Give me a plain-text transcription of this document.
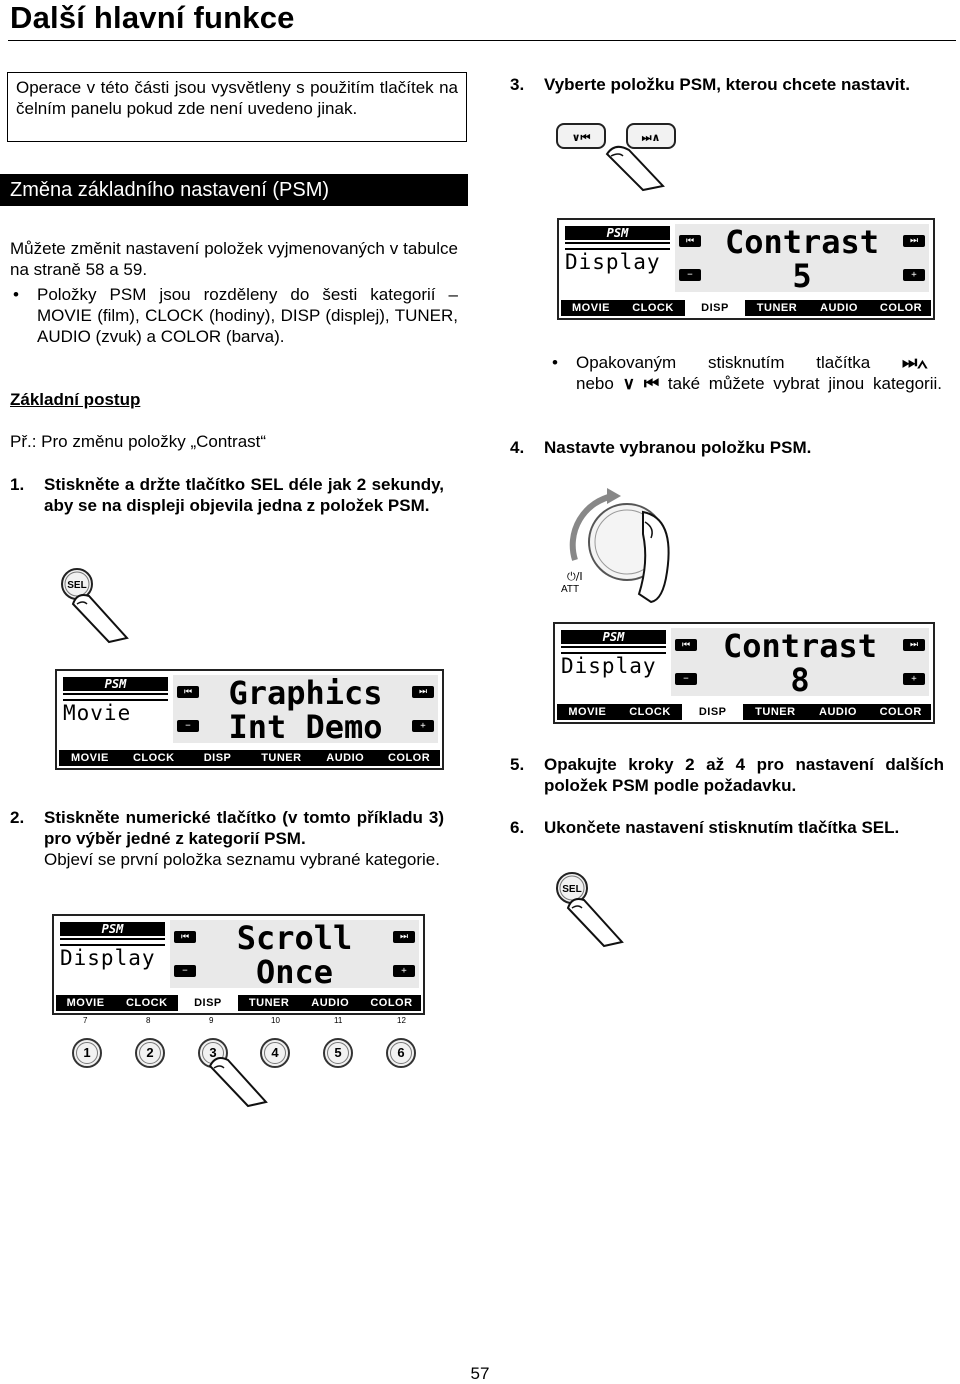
Další hlavní funkce
Operace v této části jsou vysvětleny s použitím tlačítek na čelním panelu pokud zde není uvedeno jinak.
Změna základního nastavení (PSM)
Můžete změnit nastavení položek vyjmenovaných v tabulce na straně 58 a 59.
• Položky PSM jsou rozděleny do šesti kategorií – MOVIE (film), CLOCK (hodiny), DISP (displej), TUNER, AUDIO (zvuk) a COLOR (barva).
Základní postup
Př.: Pro změnu položky „Contrast“
1. Stiskněte a držte tlačítko SEL déle jak 2 sekundy, aby se na displeji objevila jedna z položek PSM.
SEL
PSM
Movie
⏮	⏭
−	+
Graphics
Int Demo
MOVIE	CLOCK	DISP	TUNER	AUDIO	COLOR
2. Stiskněte numerické tlačítko (v tomto příkladu 3) pro výběr jedné z kategorií PSM.
Objeví se první položka seznamu vybrané kategorie.
PSM
Display
⏮	⏭
−	+
Scroll
Once
MOVIE	CLOCK	DISP	TUNER	AUDIO	COLOR
7	8	9	10	11	12
1	2	3	4	5	6
3. Vyberte položku PSM, kterou chcete nastavit.
∨⏮	⏭∧
PSM
Display
⏮	⏭
−	+
Contrast
5
MOVIE	CLOCK	DISP	TUNER	AUDIO	COLOR
• Opakovaným stisknutím tlačítka ⏭∧
nebo ∨ ⏮ také můžete vybrat jinou kategorii.
4. Nastavte vybranou položku PSM.
⏻/I
ATT
PSM
Display
⏮	⏭
−	+
Contrast
8
MOVIE	CLOCK	DISP	TUNER	AUDIO	COLOR
5. Opakujte kroky 2 až 4 pro nastavení dalších položek PSM podle požadavku.
6. Ukončete nastavení stisknutím tlačítka SEL.
SEL
57
